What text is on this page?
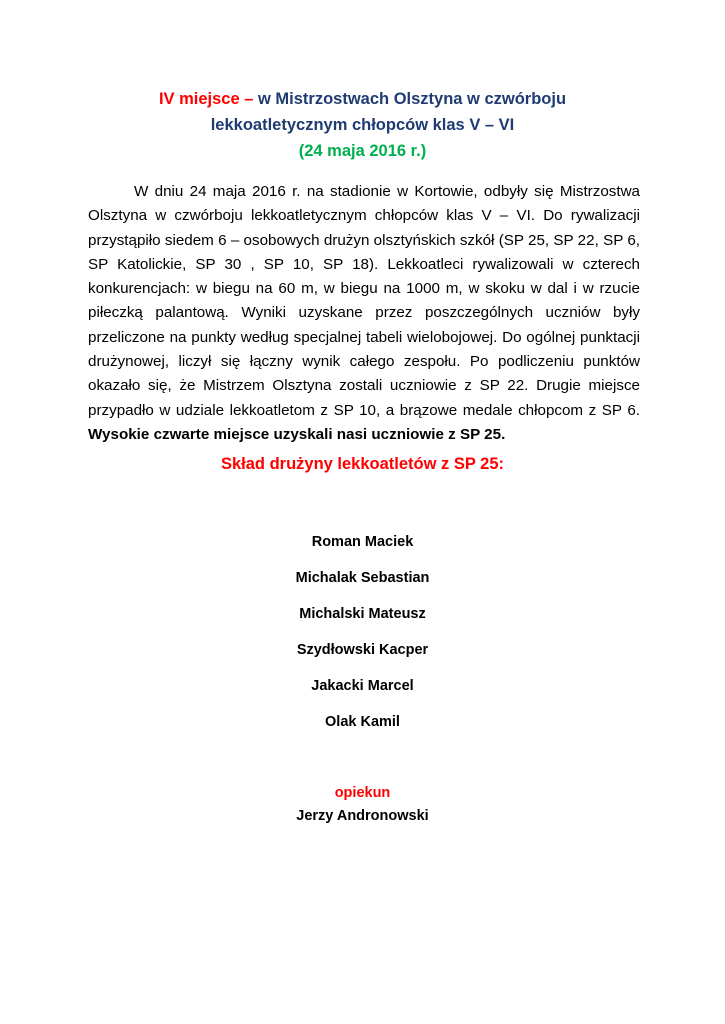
IV miejsce – w Mistrzostwach Olsztyna w czwórboju
lekkoatletycznym chłopców klas V – VI
(24 maja 2016 r.)

W dniu 24 maja 2016 r. na stadionie w Kortowie, odbyły się Mistrzostwa Olsztyna w czwórboju lekkoatletycznym chłopców klas V – VI. Do rywalizacji przystąpiło siedem 6 – osobowych drużyn olsztyńskich szkół (SP 25, SP 22, SP 6, SP Katolickie, SP 30 , SP 10, SP 18). Lekkoatleci rywalizowali w czterech konkurencjach: w biegu na 60 m, w biegu na 1000 m, w skoku w dal i w rzucie piłeczką palantową. Wyniki uzyskane przez poszczególnych uczniów były przeliczone na punkty według specjalnej tabeli wielobojowej. Do ogólnej punktacji drużynowej, liczył się łączny wynik całego zespołu. Po podliczeniu punktów okazało się, że Mistrzem Olsztyna zostali uczniowie z SP 22. Drugie miejsce przypadło w udziale lekkoatletom z SP 10, a brązowe medale chłopcom z SP 6. Wysokie czwarte miejsce uzyskali nasi uczniowie z SP 25.

Skład drużyny lekkoatletów z SP 25:
Roman Maciek
Michalak Sebastian
Michalski Mateusz
Szydłowski Kacper
Jakacki Marcel
Olak Kamil
opiekun
Jerzy Andronowski
